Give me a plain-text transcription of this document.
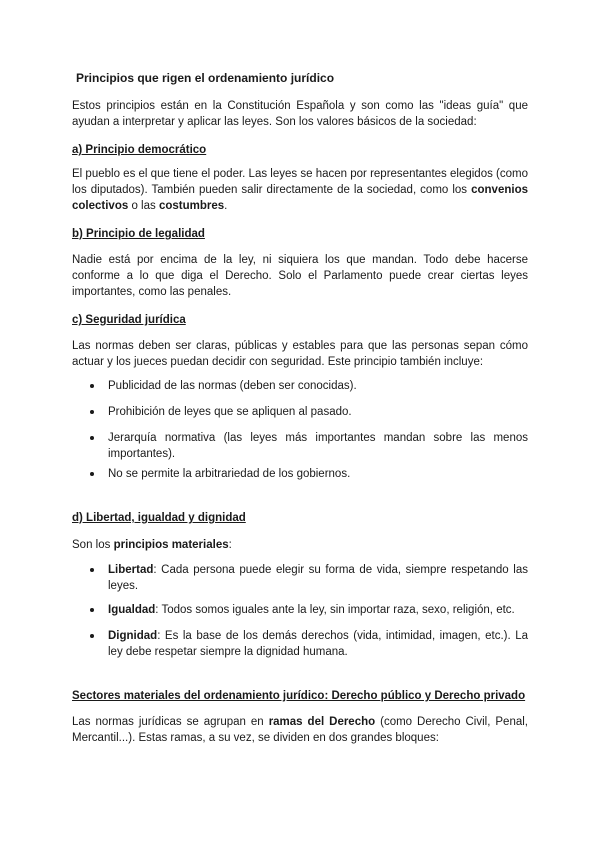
Principios que rigen el ordenamiento jurídico

Estos principios están en la Constitución Española y son como las "ideas guía" que ayudan a interpretar y aplicar las leyes. Son los valores básicos de la sociedad:

a) Principio democrático

El pueblo es el que tiene el poder. Las leyes se hacen por representantes elegidos (como los diputados). También pueden salir directamente de la sociedad, como los convenios colectivos o las costumbres.

b) Principio de legalidad

Nadie está por encima de la ley, ni siquiera los que mandan. Todo debe hacerse conforme a lo que diga el Derecho. Solo el Parlamento puede crear ciertas leyes importantes, como las penales.

c) Seguridad jurídica

Las normas deben ser claras, públicas y estables para que las personas sepan cómo actuar y los jueces puedan decidir con seguridad. Este principio también incluye:

Publicidad de las normas (deben ser conocidas).
Prohibición de leyes que se apliquen al pasado.
Jerarquía normativa (las leyes más importantes mandan sobre las menos importantes).
No se permite la arbitrariedad de los gobiernos.
d) Libertad, igualdad y dignidad

Son los principios materiales:

Libertad: Cada persona puede elegir su forma de vida, siempre respetando las leyes.
Igualdad: Todos somos iguales ante la ley, sin importar raza, sexo, religión, etc.
Dignidad: Es la base de los demás derechos (vida, intimidad, imagen, etc.). La ley debe respetar siempre la dignidad humana.
Sectores materiales del ordenamiento jurídico: Derecho público y Derecho privado

Las normas jurídicas se agrupan en ramas del Derecho (como Derecho Civil, Penal, Mercantil...). Estas ramas, a su vez, se dividen en dos grandes bloques:
